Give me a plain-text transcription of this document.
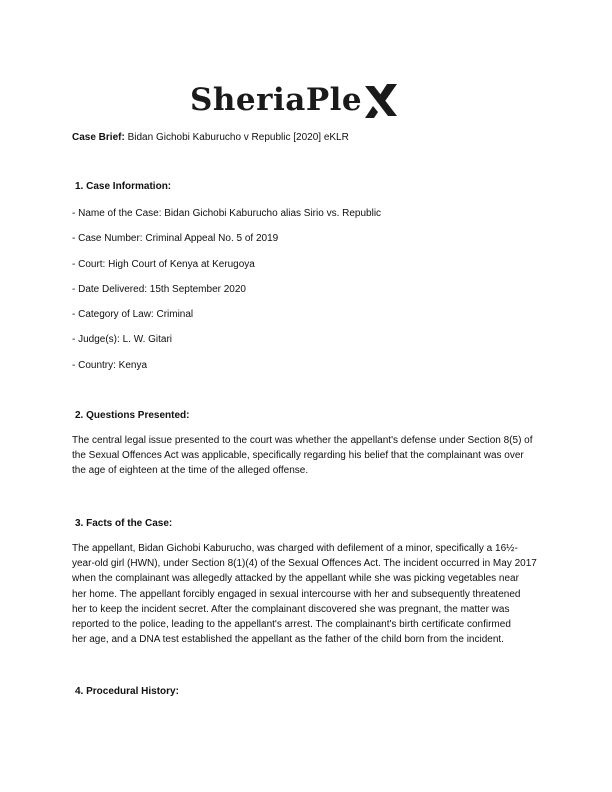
SheriaPle
Case Brief: Bidan Gichobi Kaburucho v Republic [2020] eKLR
1. Case Information:
- Name of the Case: Bidan Gichobi Kaburucho alias Sirio vs. Republic
- Case Number: Criminal Appeal No. 5 of 2019
- Court: High Court of Kenya at Kerugoya
- Date Delivered: 15th September 2020
- Category of Law: Criminal
- Judge(s): L. W. Gitari
- Country: Kenya
2. Questions Presented:
The central legal issue presented to the court was whether the appellant's defense under Section 8(5) of
the Sexual Offences Act was applicable, specifically regarding his belief that the complainant was over
the age of eighteen at the time of the alleged offense.
3. Facts of the Case:
The appellant, Bidan Gichobi Kaburucho, was charged with defilement of a minor, specifically a 16½-
year-old girl (HWN), under Section 8(1)(4) of the Sexual Offences Act. The incident occurred in May 2017
when the complainant was allegedly attacked by the appellant while she was picking vegetables near
her home. The appellant forcibly engaged in sexual intercourse with her and subsequently threatened
her to keep the incident secret. After the complainant discovered she was pregnant, the matter was
reported to the police, leading to the appellant's arrest. The complainant's birth certificate confirmed
her age, and a DNA test established the appellant as the father of the child born from the incident.
4. Procedural History:
